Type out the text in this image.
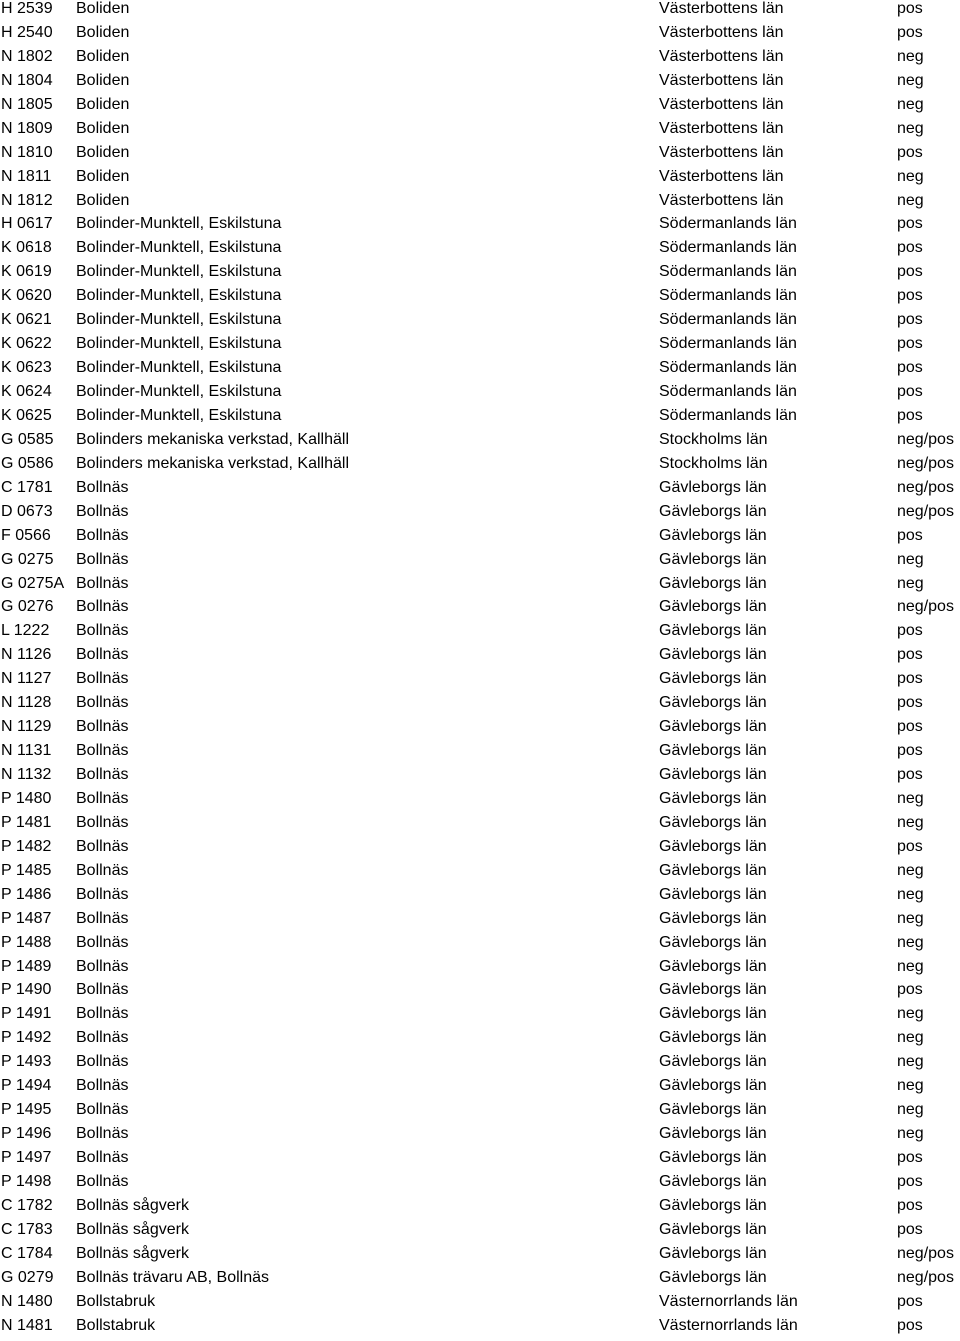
H 2539 Boliden	Västerbottens län	pos
H 2540 Boliden	Västerbottens län	pos
N 1802 Boliden	Västerbottens län	neg
N 1804 Boliden	Västerbottens län	neg
N 1805 Boliden	Västerbottens län	neg
N 1809 Boliden	Västerbottens län	neg
N 1810 Boliden	Västerbottens län	pos
N 1811 Boliden	Västerbottens län	neg
N 1812 Boliden	Västerbottens län	neg
H 0617 Bolinder-Munktell, Eskilstuna	Södermanlands län	pos
K 0618 Bolinder-Munktell, Eskilstuna	Södermanlands län	pos
K 0619 Bolinder-Munktell, Eskilstuna	Södermanlands län	pos
K 0620 Bolinder-Munktell, Eskilstuna	Södermanlands län	pos
K 0621 Bolinder-Munktell, Eskilstuna	Södermanlands län	pos
K 0622 Bolinder-Munktell, Eskilstuna	Södermanlands län	pos
K 0623 Bolinder-Munktell, Eskilstuna	Södermanlands län	pos
K 0624 Bolinder-Munktell, Eskilstuna	Södermanlands län	pos
K 0625 Bolinder-Munktell, Eskilstuna	Södermanlands län	pos
G 0585 Bolinders mekaniska verkstad, Kallhäll	Stockholms län	neg/pos
G 0586 Bolinders mekaniska verkstad, Kallhäll	Stockholms län	neg/pos
C 1781 Bollnäs	Gävleborgs län	neg/pos
D 0673 Bollnäs	Gävleborgs län	neg/pos
F 0566 Bollnäs	Gävleborgs län	pos
G 0275 Bollnäs	Gävleborgs län	neg
G 0275A Bollnäs	Gävleborgs län	neg
G 0276 Bollnäs	Gävleborgs län	neg/pos
L 1222 Bollnäs	Gävleborgs län	pos
N 1126 Bollnäs	Gävleborgs län	pos
N 1127 Bollnäs	Gävleborgs län	pos
N 1128 Bollnäs	Gävleborgs län	pos
N 1129 Bollnäs	Gävleborgs län	pos
N 1131 Bollnäs	Gävleborgs län	pos
N 1132 Bollnäs	Gävleborgs län	pos
P 1480 Bollnäs	Gävleborgs län	neg
P 1481 Bollnäs	Gävleborgs län	neg
P 1482 Bollnäs	Gävleborgs län	pos
P 1485 Bollnäs	Gävleborgs län	neg
P 1486 Bollnäs	Gävleborgs län	neg
P 1487 Bollnäs	Gävleborgs län	neg
P 1488 Bollnäs	Gävleborgs län	neg
P 1489 Bollnäs	Gävleborgs län	neg
P 1490 Bollnäs	Gävleborgs län	pos
P 1491 Bollnäs	Gävleborgs län	neg
P 1492 Bollnäs	Gävleborgs län	neg
P 1493 Bollnäs	Gävleborgs län	neg
P 1494 Bollnäs	Gävleborgs län	neg
P 1495 Bollnäs	Gävleborgs län	neg
P 1496 Bollnäs	Gävleborgs län	neg
P 1497 Bollnäs	Gävleborgs län	pos
P 1498 Bollnäs	Gävleborgs län	pos
C 1782 Bollnäs sågverk	Gävleborgs län	pos
C 1783 Bollnäs sågverk	Gävleborgs län	pos
C 1784 Bollnäs sågverk	Gävleborgs län	neg/pos
G 0279 Bollnäs trävaru AB, Bollnäs	Gävleborgs län	neg/pos
N 1480 Bollstabruk	Västernorrlands län	pos
N 1481 Bollstabruk	Västernorrlands län	pos
